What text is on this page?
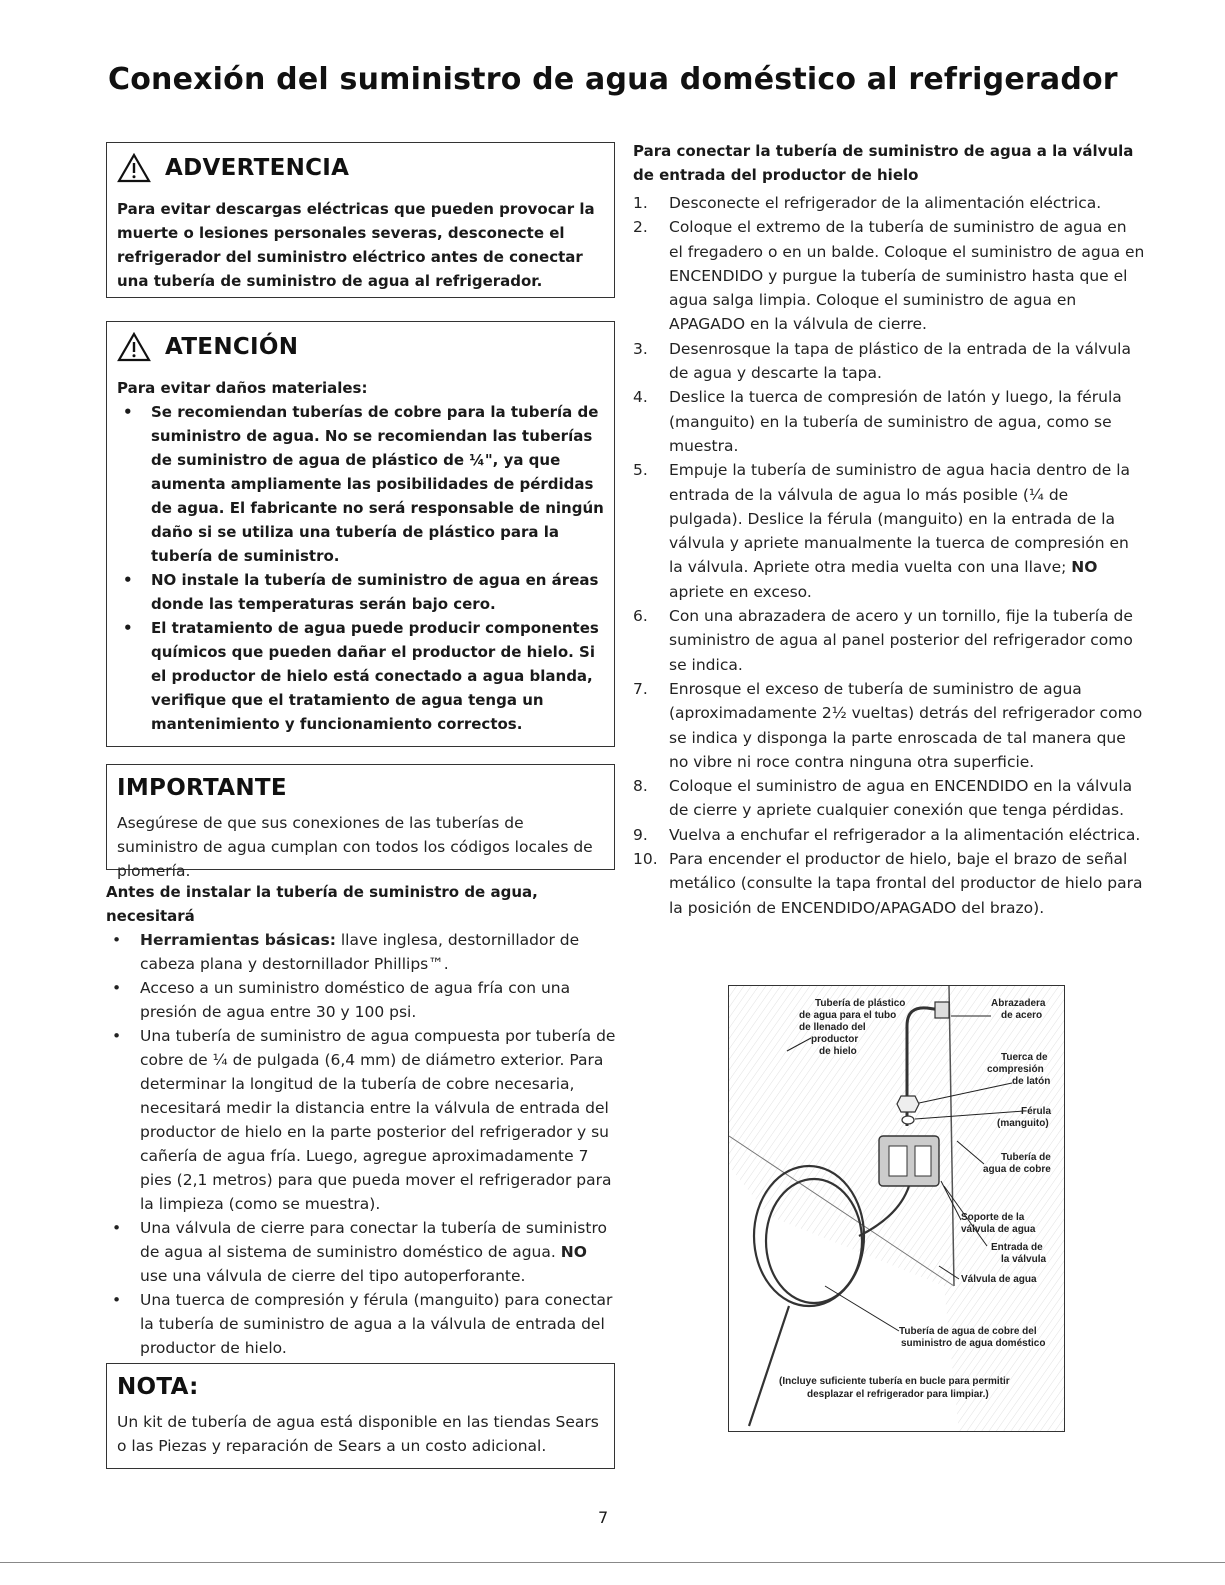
Conexión del suministro de agua doméstico al refrigerador
ADVERTENCIA
Para evitar descargas eléctricas que pueden provocar la muerte o lesiones personales severas, desconecte el refrigerador del suministro eléctrico antes de conectar una tubería de suministro de agua al refrigerador.
ATENCIÓN
Para evitar daños materiales:
• Se recomiendan tuberías de cobre para la tubería de suministro de agua. No se recomiendan las tuberías de suministro de agua de plástico de ¼", ya que aumenta ampliamente las posibilidades de pérdidas de agua. El fabricante no será responsable de ningún daño si se utiliza una tubería de plástico para la tubería de suministro.
• NO instale la tubería de suministro de agua en áreas donde las temperaturas serán bajo cero.
• El tratamiento de agua puede producir componentes químicos que pueden dañar el productor de hielo. Si el productor de hielo está conectado a agua blanda, verifique que el tratamiento de agua tenga un mantenimiento y funcionamiento correctos.
IMPORTANTE
Asegúrese de que sus conexiones de las tuberías de suministro de agua cumplan con todos los códigos locales de plomería.

Antes de instalar la tubería de suministro de agua, necesitará

• Herramientas básicas: llave inglesa, destornillador de cabeza plana y destornillador Phillips™.
• Acceso a un suministro doméstico de agua fría con una presión de agua entre 30 y 100 psi.
• Una tubería de suministro de agua compuesta por tubería de cobre de ¼ de pulgada (6,4 mm) de diámetro exterior. Para determinar la longitud de la tubería de cobre necesaria, necesitará medir la distancia entre la válvula de entrada del productor de hielo en la parte posterior del refrigerador y su cañería de agua fría. Luego, agregue aproximadamente 7 pies (2,1 metros) para que pueda mover el refrigerador para la limpieza (como se muestra).
• Una válvula de cierre para conectar la tubería de suministro de agua al sistema de suministro doméstico de agua. NO use una válvula de cierre del tipo autoperforante.
• Una tuerca de compresión y férula (manguito) para conectar la tubería de suministro de agua a la válvula de entrada del productor de hielo.
NOTA:
Un kit de tubería de agua está disponible en las tiendas Sears o las Piezas y reparación de Sears a un costo adicional.

Para conectar la tubería de suministro de agua a la válvula de entrada del productor de hielo

1. Desconecte el refrigerador de la alimentación eléctrica.
2. Coloque el extremo de la tubería de suministro de agua en el fregadero o en un balde. Coloque el suministro de agua en ENCENDIDO y purgue la tubería de suministro hasta que el agua salga limpia. Coloque el suministro de agua en APAGADO en la válvula de cierre.
3. Desenrosque la tapa de plástico de la entrada de la válvula de agua y descarte la tapa.
4. Deslice la tuerca de compresión de latón y luego, la férula (manguito) en la tubería de suministro de agua, como se muestra.
5. Empuje la tubería de suministro de agua hacia dentro de la entrada de la válvula de agua lo más posible (¼ de pulgada). Deslice la férula (manguito) en la entrada de la válvula y apriete manualmente la tuerca de compresión en la válvula. Apriete otra media vuelta con una llave; NO apriete en exceso.
6. Con una abrazadera de acero y un tornillo, fije la tubería de suministro de agua al panel posterior del refrigerador como se indica.
7. Enrosque el exceso de tubería de suministro de agua (aproximadamente 2½ vueltas) detrás del refrigerador como se indica y disponga la parte enroscada de tal manera que no vibre ni roce contra ninguna otra superficie.
8. Coloque el suministro de agua en ENCENDIDO en la válvula de cierre y apriete cualquier conexión que tenga pérdidas.
9. Vuelva a enchufar el refrigerador a la alimentación eléctrica.
10. Para encender el productor de hielo, baje el brazo de señal metálico (consulte la tapa frontal del productor de hielo para la posición de ENCENDIDO/APAGADO del brazo).
Tubería de plástico
de agua para el tubo
de llenado del
productor
de hielo
Abrazadera
de acero
Tuerca de
compresión
de latón
Férula
(manguito)
Tubería de
agua de cobre
Soporte de la
válvula de agua
Entrada de
la válvula
Válvula de agua
Tubería de agua de cobre del
suministro de agua doméstico
(Incluye suficiente tubería en bucle para permitir
desplazar el refrigerador para limpiar.)
7
